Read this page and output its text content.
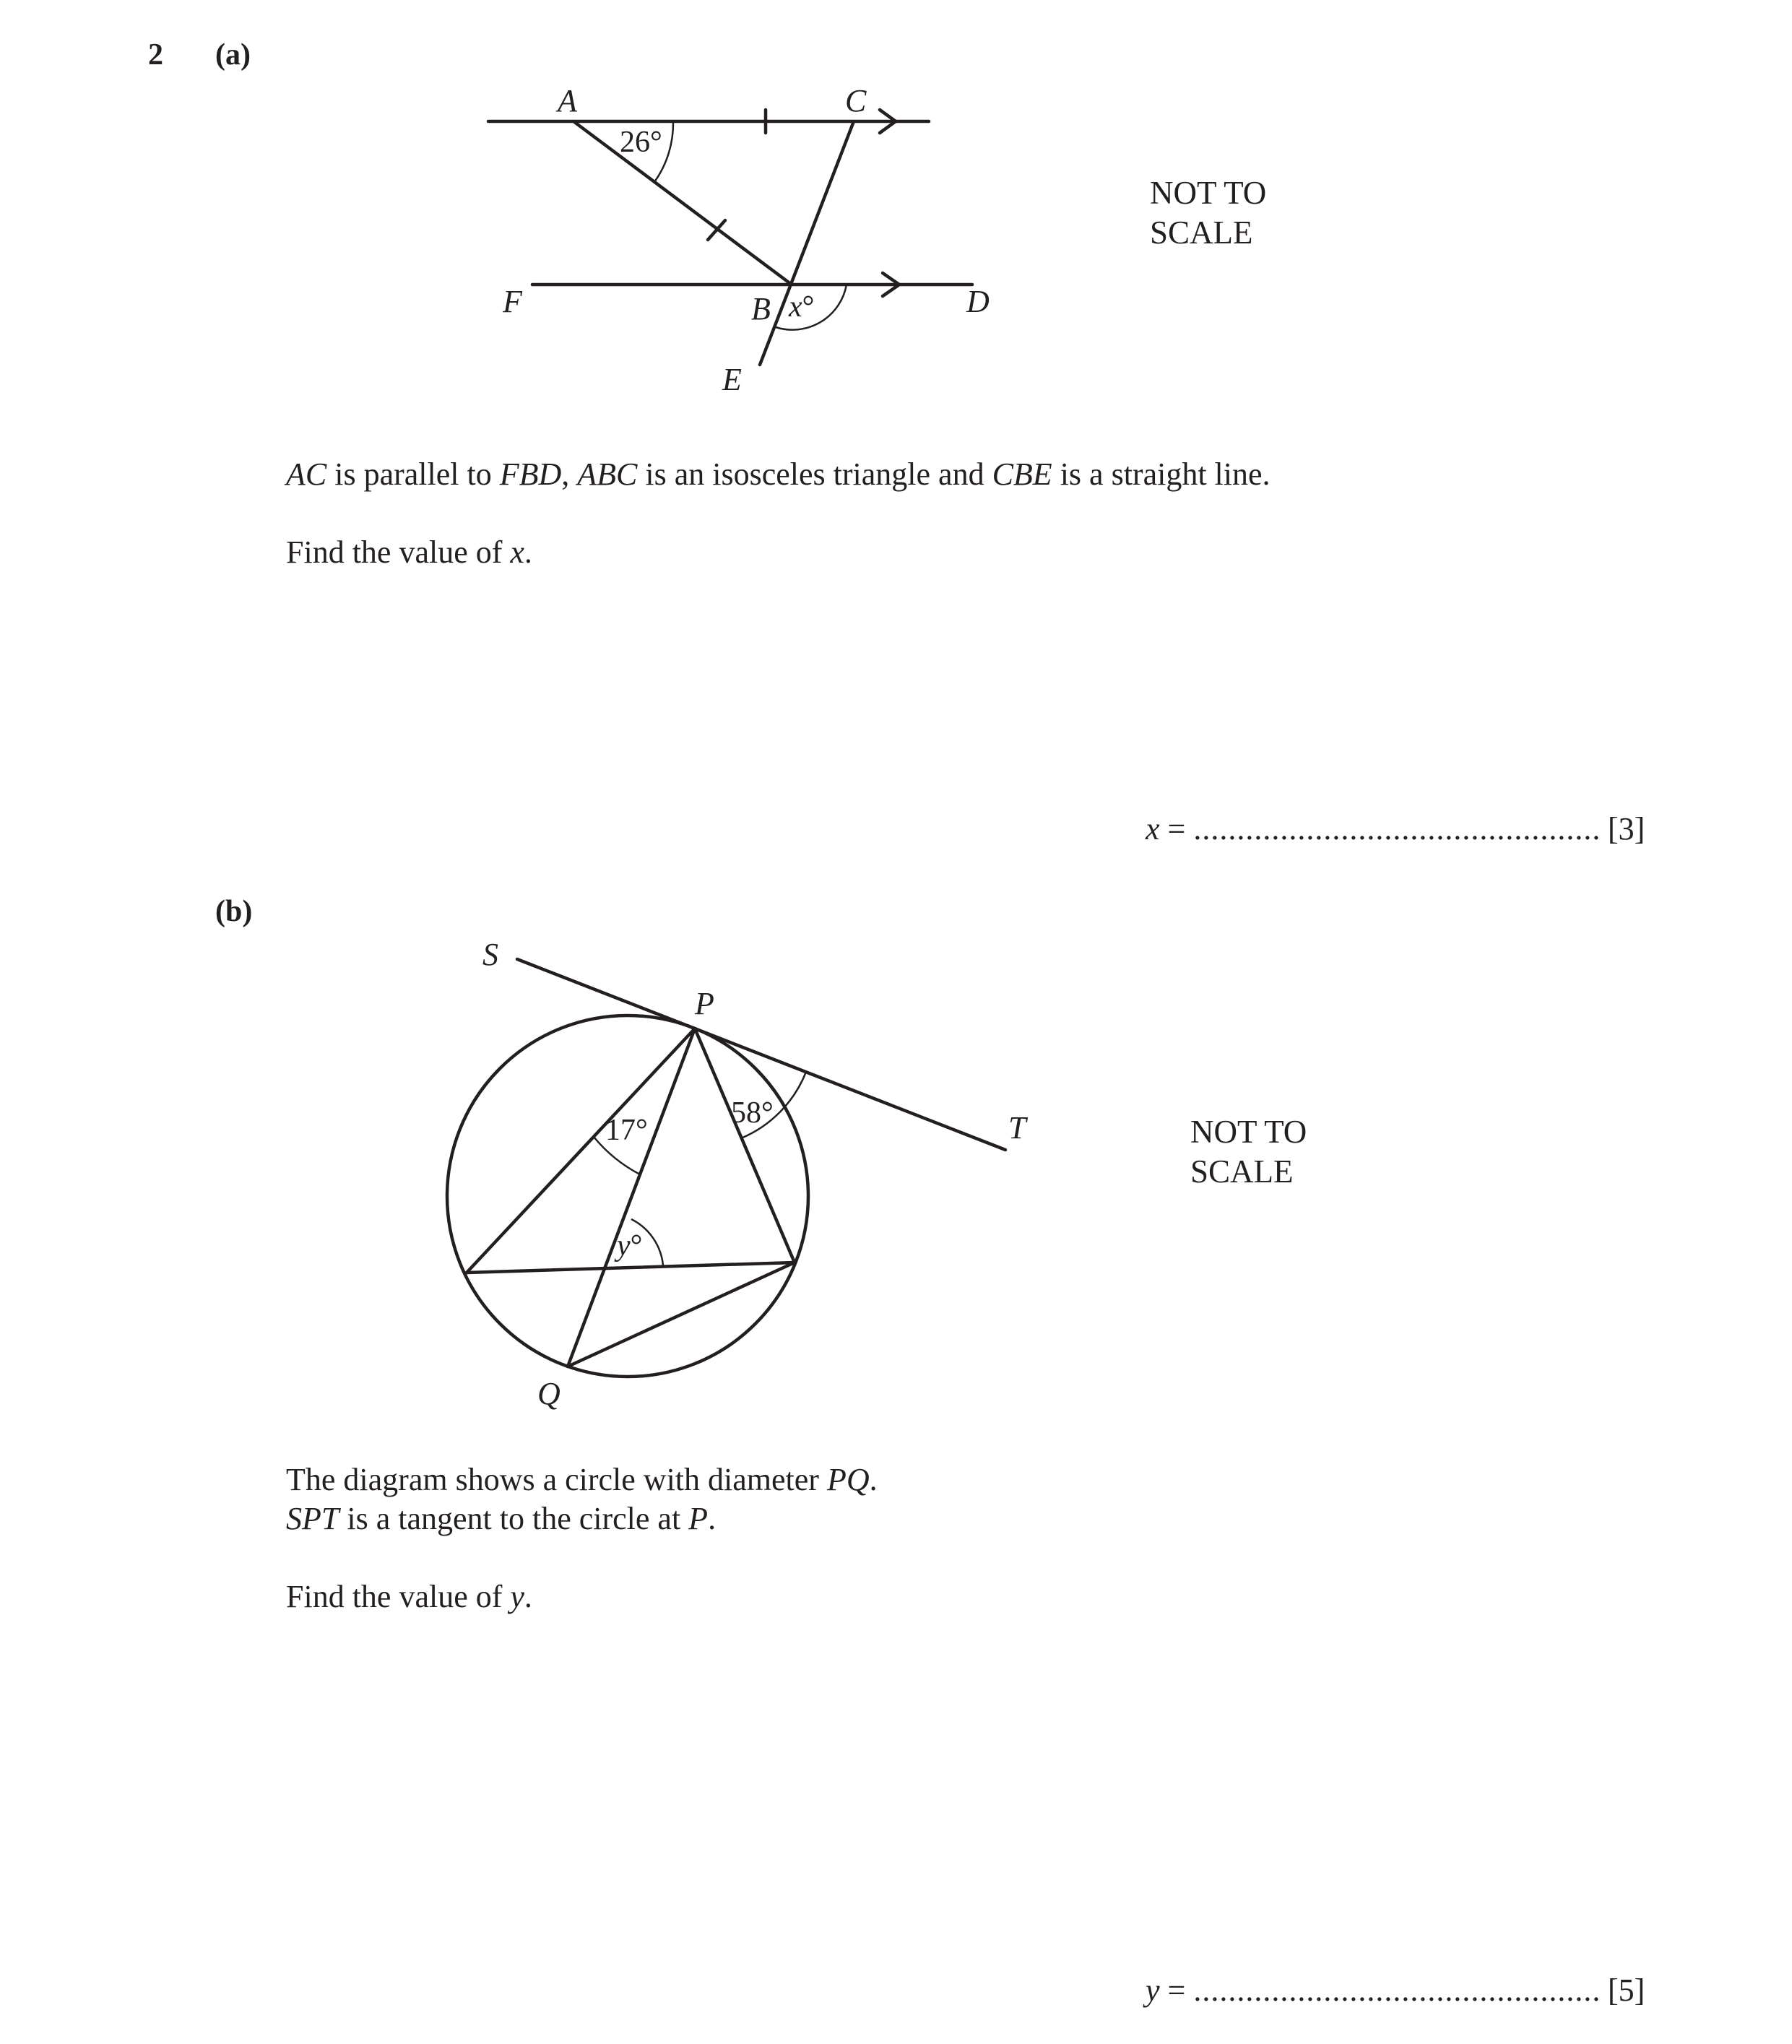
2 (a)
A	C
F	B	D
E
26°
x°
NOT TO
SCALE
AC is parallel to FBD, ABC is an isosceles triangle and CBE is a straight line.
Find the value of x.
x = ............................................... [3]
(b)
S
P
T
Q
17°
58°
y°
NOT TO
SCALE
The diagram shows a circle with diameter PQ.
SPT is a tangent to the circle at P.
Find the value of y.
y = ............................................... [5]
